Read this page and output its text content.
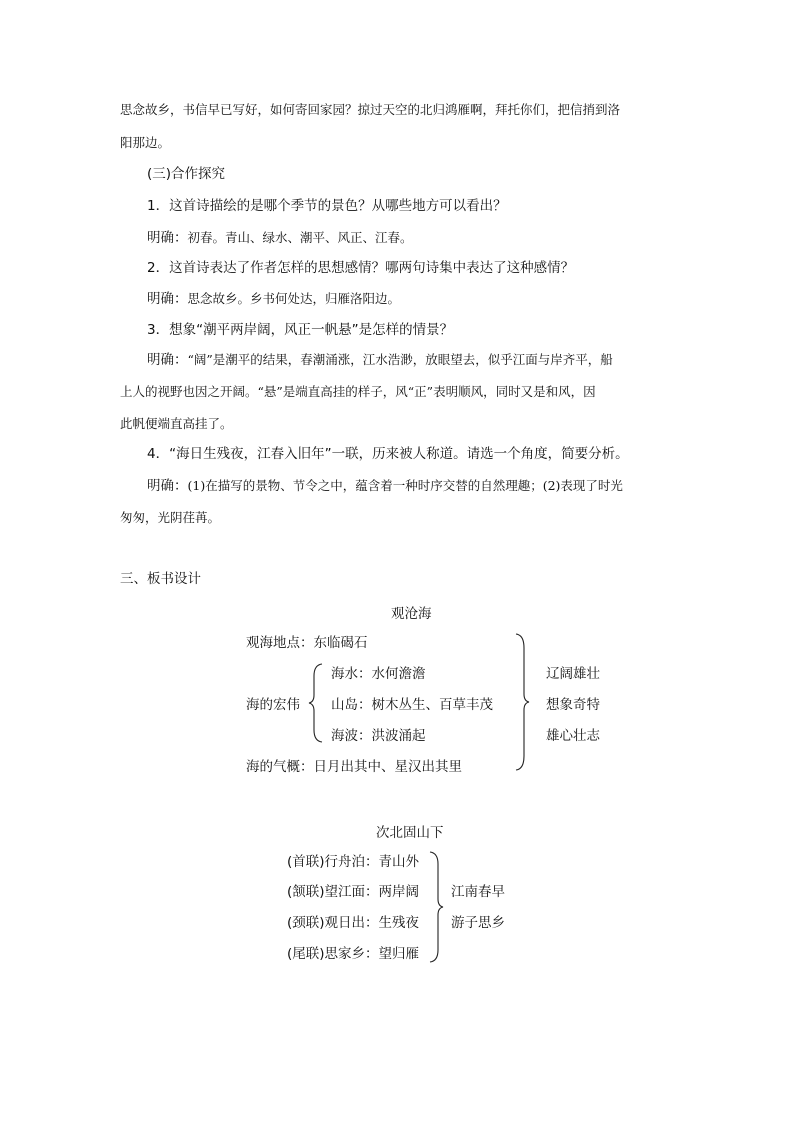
思念故乡，书信早已写好，如何寄回家园？掠过天空的北归鸿雁啊，拜托你们，把信捎到洛
阳那边。
(三)合作探究
1．这首诗描绘的是哪个季节的景色？从哪些地方可以看出？
明确：初春。青山、绿水、潮平、风正、江春。
2．这首诗表达了作者怎样的思想感情？哪两句诗集中表达了这种感情？
明确：思念故乡。乡书何处达，归雁洛阳边。
3．想象“潮平两岸阔，风正一帆悬”是怎样的情景？
明确：“阔”是潮平的结果，春潮涌涨，江水浩渺，放眼望去，似乎江面与岸齐平，船
上人的视野也因之开阔。“悬”是端直高挂的样子，风“正”表明顺风，同时又是和风，因
此帆便端直高挂了。
4．“海日生残夜，江春入旧年”一联，历来被人称道。请选一个角度，简要分析。
明确：(1)在描写的景物、节令之中，蕴含着一种时序交替的自然理趣；(2)表现了时光
匆匆，光阴荏苒。
三、板书设计
观沧海
观海地点：东临碣石
海的宏伟
海水：水何澹澹
山岛：树木丛生、百草丰茂
海波：洪波涌起
海的气概：日月出其中、星汉出其里
辽阔雄壮
想象奇特
雄心壮志
次北固山下
(首联)行舟泊：青山外
(颔联)望江面：两岸阔
(颈联)观日出：生残夜
(尾联)思家乡：望归雁
江南春早
游子思乡
